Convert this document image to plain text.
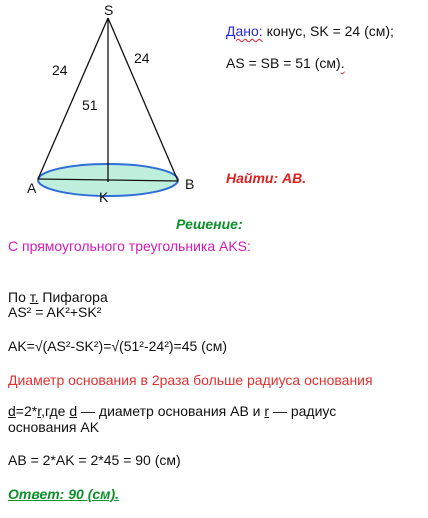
S
24
24
51
A	B
K
Дано: конус, SK = 24 (см);
AS = SB = 51 (см).
Найти: AB.
Решение:
С прямоугольного треугольника AKS:
По т. Пифагора
AS² = AK²+SK²
AK=√(AS²-SK²)=√(51²-24²)=45 (см)
Диаметр основания в 2раза больше радиуса основания
d=2*r,где d — диаметр основания AB и r — радиус
основания AK
AB = 2*AK = 2*45 = 90 (см)
Ответ: 90 (см).
